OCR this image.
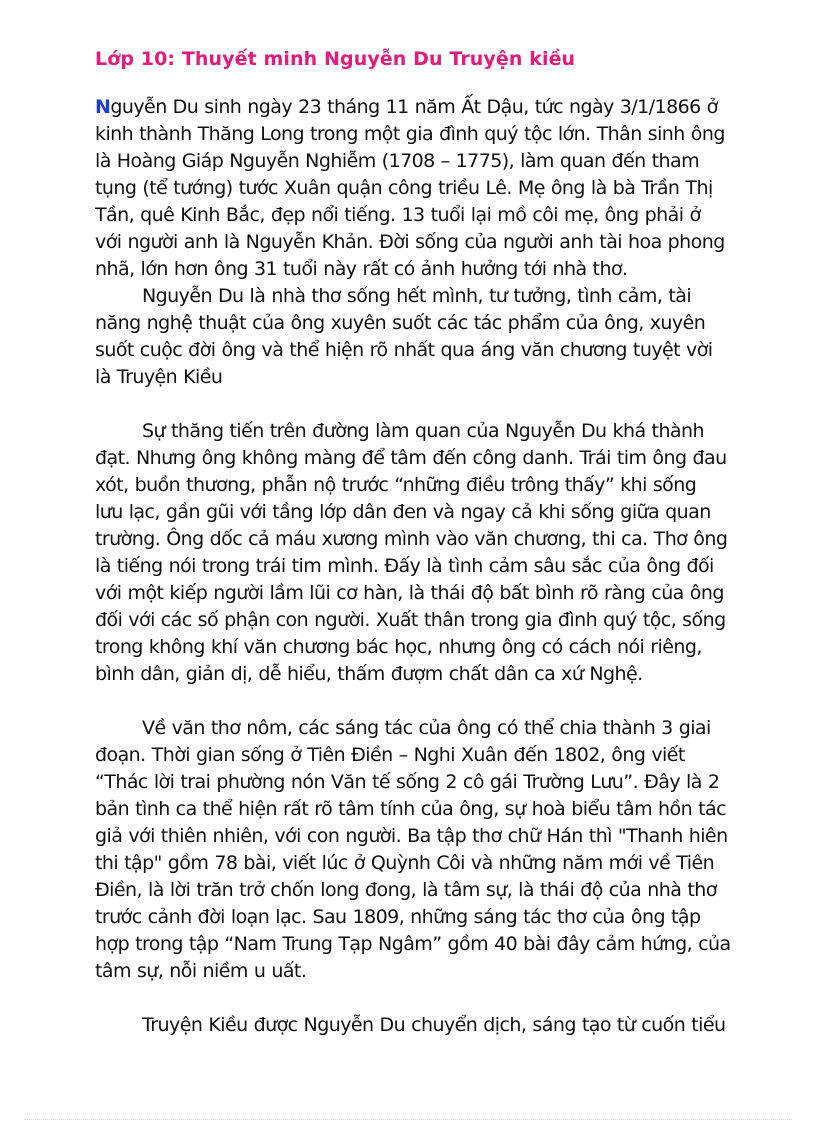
Lớp 10: Thuyết minh Nguyễn Du Truyện kiều
Nguyễn Du sinh ngày 23 tháng 11 năm Ất Dậu, tức ngày 3/1/1866 ở
kinh thành Thăng Long trong một gia đình quý tộc lớn. Thân sinh ông
là Hoàng Giáp Nguyễn Nghiễm (1708 – 1775), làm quan đến tham
tụng (tể tướng) tước Xuân quận công triều Lê. Mẹ ông là bà Trần Thị
Tần, quê Kinh Bắc, đẹp nổi tiếng. 13 tuổi lại mồ côi mẹ, ông phải ở
với người anh là Nguyễn Khản. Đời sống của người anh tài hoa phong
nhã, lớn hơn ông 31 tuổi này rất có ảnh hưởng tới nhà thơ.
Nguyễn Du là nhà thơ sống hết mình, tư tưởng, tình cảm, tài
năng nghệ thuật của ông xuyên suốt các tác phẩm của ông, xuyên
suốt cuộc đời ông và thể hiện rõ nhất qua áng văn chương tuyệt vời
là Truyện Kiều
Sự thăng tiến trên đường làm quan của Nguyễn Du khá thành
đạt. Nhưng ông không màng để tâm đến công danh. Trái tim ông đau
xót, buồn thương, phẫn nộ trước “những điều trông thấy” khi sống
lưu lạc, gần gũi với tầng lớp dân đen và ngay cả khi sống giữa quan
trường. Ông dốc cả máu xương mình vào văn chương, thi ca. Thơ ông
là tiếng nói trong trái tim mình. Đấy là tình cảm sâu sắc của ông đối
với một kiếp người lầm lũi cơ hàn, là thái độ bất bình rõ ràng của ông
đối với các số phận con người. Xuất thân trong gia đình quý tộc, sống
trong không khí văn chương bác học, nhưng ông có cách nói riêng,
bình dân, giản dị, dễ hiểu, thấm đượm chất dân ca xứ Nghệ.
Về văn thơ nôm, các sáng tác của ông có thể chia thành 3 giai
đoạn. Thời gian sống ở Tiên Điền – Nghi Xuân đến 1802, ông viết
“Thác lời trai phường nón Văn tế sống 2 cô gái Trường Lưu”. Đây là 2
bản tình ca thể hiện rất rõ tâm tính của ông, sự hoà biểu tâm hồn tác
giả với thiên nhiên, với con người. Ba tập thơ chữ Hán thì "Thanh hiên
thi tập" gồm 78 bài, viết lúc ở Quỳnh Côi và những năm mới về Tiên
Điền, là lời trăn trở chốn long đong, là tâm sự, là thái độ của nhà thơ
trước cảnh đời loạn lạc. Sau 1809, những sáng tác thơ của ông tập
hợp trong tập “Nam Trung Tạp Ngâm” gồm 40 bài đây cảm hứng, của
tâm sự, nỗi niềm u uất.
Truyện Kiều được Nguyễn Du chuyển dịch, sáng tạo từ cuốn tiểu
